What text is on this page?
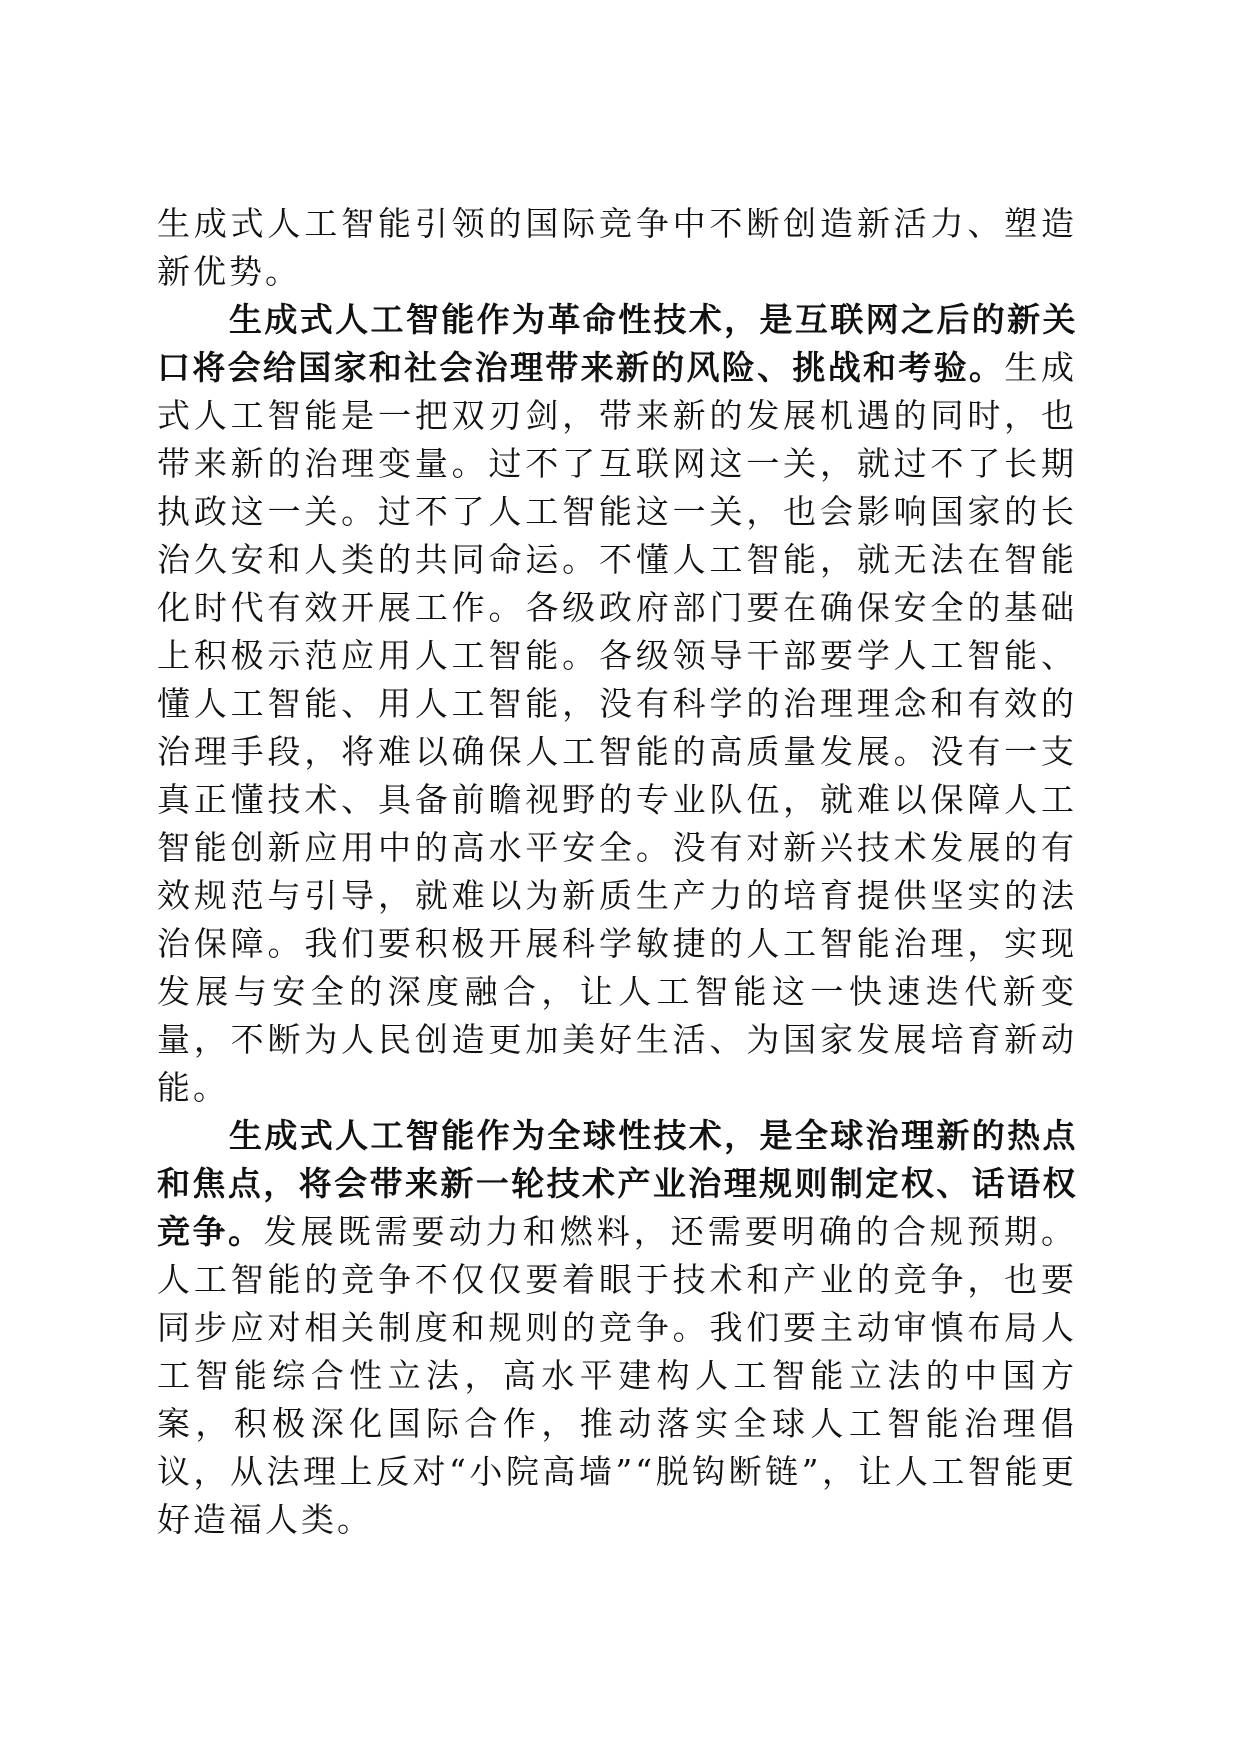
生成式人工智能引领的国际竞争中不断创造新活力、塑造新优势。

生成式人工智能作为革命性技术，是互联网之后的新关口将会给国家和社会治理带来新的风险、挑战和考验。生成式人工智能是一把双刃剑，带来新的发展机遇的同时，也带来新的治理变量。过不了互联网这一关，就过不了长期执政这一关。过不了人工智能这一关，也会影响国家的长治久安和人类的共同命运。不懂人工智能，就无法在智能化时代有效开展工作。各级政府部门要在确保安全的基础上积极示范应用人工智能。各级领导干部要学人工智能、懂人工智能、用人工智能，没有科学的治理理念和有效的治理手段，将难以确保人工智能的高质量发展。没有一支真正懂技术、具备前瞻视野的专业队伍，就难以保障人工智能创新应用中的高水平安全。没有对新兴技术发展的有效规范与引导，就难以为新质生产力的培育提供坚实的法治保障。我们要积极开展科学敏捷的人工智能治理，实现发展与安全的深度融合，让人工智能这一快速迭代新变量，不断为人民创造更加美好生活、为国家发展培育新动能。

生成式人工智能作为全球性技术，是全球治理新的热点和焦点，将会带来新一轮技术产业治理规则制定权、话语权竞争。发展既需要动力和燃料，还需要明确的合规预期。人工智能的竞争不仅仅要着眼于技术和产业的竞争，也要同步应对相关制度和规则的竞争。我们要主动审慎布局人工智能综合性立法，高水平建构人工智能立法的中国方案，积极深化国际合作，推动落实全球人工智能治理倡议，从法理上反对“小院高墙”“脱钩断链”，让人工智能更好造福人类。
